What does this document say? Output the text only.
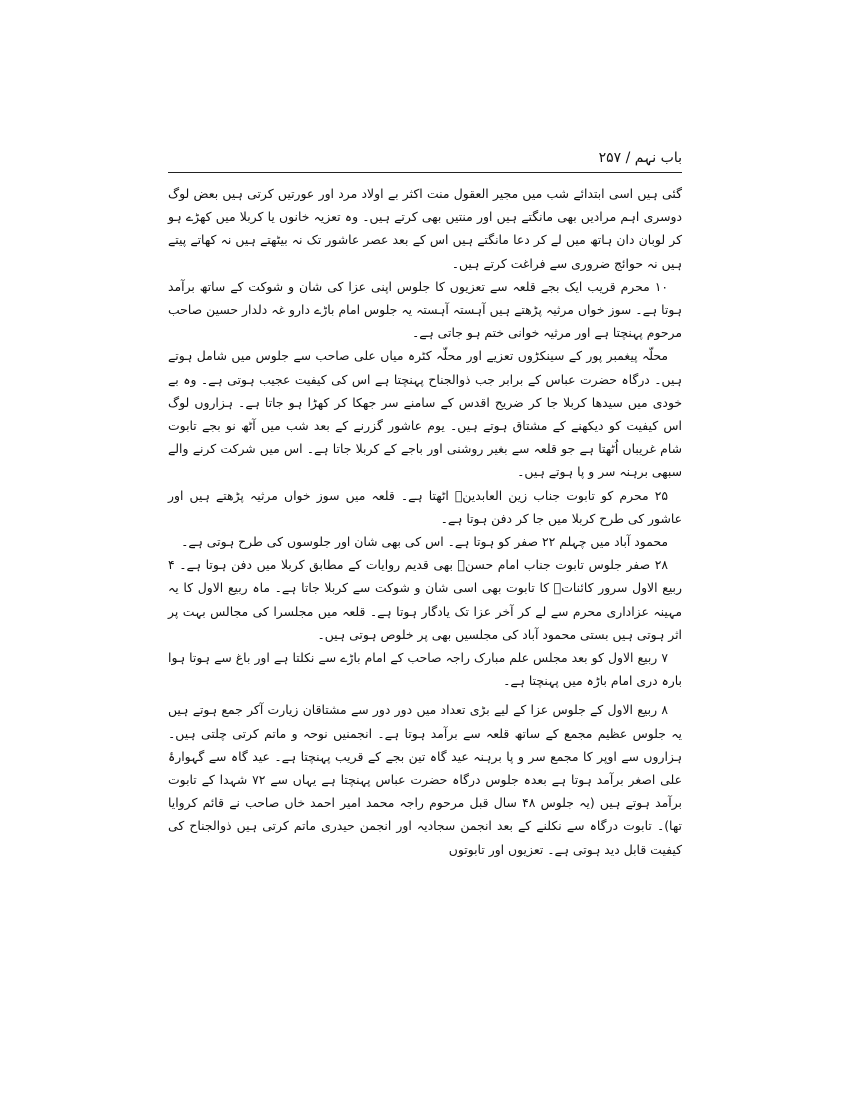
باب نہم / ۲۵۷

گئی ہیں اسی ابتدائے شب میں مجیر العقول منت اکثر بے اولاد مرد اور عورتیں کرتی ہیں بعض لوگ دوسری اہم مرادیں بھی مانگتے ہیں اور منتیں بھی کرتے ہیں۔ وہ تعزیہ خانوں یا کربلا میں کھڑے ہو کر لوبان دان ہاتھ میں لے کر دعا مانگتے ہیں اس کے بعد عصر عاشور تک نہ بیٹھتے ہیں نہ کھاتے پیتے ہیں نہ حوائج ضروری سے فراغت کرتے ہیں۔

۱۰ محرم قریب ایک بجے قلعہ سے تعزیوں کا جلوس اپنی عزا کی شان و شوکت کے ساتھ برآمد ہوتا ہے۔ سوز خواں مرثیہ پڑھتے ہیں آہستہ آہستہ یہ جلوس امام باڑے دارو غہ دلدار حسین صاحب مرحوم پہنچتا ہے اور مرثیہ خوانی ختم ہو جاتی ہے۔

محلّہ پیغمبر پور کے سینکڑوں تعزیے اور محلّہ کٹرہ میاں علی صاحب سے جلوس میں شامل ہوتے ہیں۔ درگاہ حضرت عباس کے برابر جب ذوالجناح پہنچتا ہے اس کی کیفیت عجیب ہوتی ہے۔ وہ بے خودی میں سیدھا کربلا جا کر ضریح اقدس کے سامنے سر جھکا کر کھڑا ہو جاتا ہے۔ ہزاروں لوگ اس کیفیت کو دیکھنے کے مشتاق ہوتے ہیں۔ یوم عاشور گزرنے کے بعد شب میں آٹھ نو بجے تابوت شام غریباں اُٹھتا ہے جو قلعہ سے بغیر روشنی اور باجے کے کربلا جاتا ہے۔ اس میں شرکت کرنے والے سبھی برہنہ سر و پا ہوتے ہیں۔

۲۵ محرم کو تابوت جناب زین العابدینؑ اٹھتا ہے۔ قلعہ میں سوز خواں مرثیہ پڑھتے ہیں اور عاشور کی طرح کربلا میں جا کر دفن ہوتا ہے۔

محمود آباد میں چہلم ۲۲ صفر کو ہوتا ہے۔ اس کی بھی شان اور جلوسوں کی طرح ہوتی ہے۔

۲۸ صفر جلوس تابوت جناب امام حسنؑ بھی قدیم روایات کے مطابق کربلا میں دفن ہوتا ہے۔ ۴ ربیع الاول سرور کائناتؐ کا تابوت بھی اسی شان و شوکت سے کربلا جاتا ہے۔ ماہ ربیع الاول کا یہ مہینہ عزاداری محرم سے لے کر آخر عزا تک یادگار ہوتا ہے۔ قلعہ میں مجلسرا کی مجالس بہت پر اثر ہوتی ہیں بستی محمود آباد کی مجلسیں بھی پر خلوص ہوتی ہیں۔

۷ ربیع الاول کو بعد مجلس علم مبارک راجہ صاحب کے امام باڑے سے نکلتا ہے اور باغ سے ہوتا ہوا بارہ دری امام باڑہ میں پہنچتا ہے۔

۸ ربیع الاول کے جلوس عزا کے لیے بڑی تعداد میں دور دور سے مشتاقان زیارت آکر جمع ہوتے ہیں یہ جلوس عظیم مجمع کے ساتھ قلعہ سے برآمد ہوتا ہے۔ انجمنیں نوحہ و ماتم کرتی چلتی ہیں۔ ہزاروں سے اوپر کا مجمع سر و پا برہنہ عید گاہ تین بجے کے قریب پہنچتا ہے۔ عید گاہ سے گہوارۂ علی اصغر برآمد ہوتا ہے بعدہ جلوس درگاہ حضرت عباس پہنچتا ہے یہاں سے ۷۲ شہدا کے تابوت برآمد ہوتے ہیں (یہ جلوس ۴۸ سال قبل مرحوم راجہ محمد امیر احمد خاں صاحب نے قائم کروایا تھا)۔ تابوت درگاہ سے نکلنے کے بعد انجمن سجادیہ اور انجمن حیدری ماتم کرتی ہیں ذوالجناح کی کیفیت قابل دید ہوتی ہے۔ تعزیوں اور تابوتوں
